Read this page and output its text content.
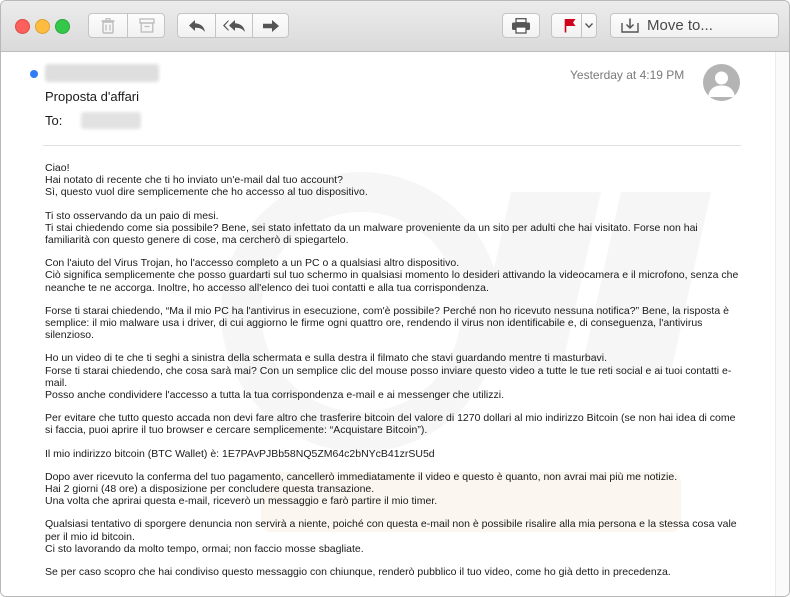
Move to...
Proposta d'affari
To:
Yesterday at 4:19 PM

Ciao!
Hai notato di recente che ti ho inviato un'e-mail dal tuo account?
Sì, questo vuol dire semplicemente che ho accesso al tuo dispositivo.

Ti sto osservando da un paio di mesi.
Ti stai chiedendo come sia possibile? Bene, sei stato infettato da un malware proveniente da un sito per adulti che hai visitato. Forse non hai familiarità con questo genere di cose, ma cercherò di spiegartelo.

Con l'aiuto del Virus Trojan, ho l'accesso completo a un PC o a qualsiasi altro dispositivo.
Ciò significa semplicemente che posso guardarti sul tuo schermo in qualsiasi momento lo desideri attivando la videocamera e il microfono, senza che neanche te ne accorga. Inoltre, ho accesso all'elenco dei tuoi contatti e alla tua corrispondenza.

Forse ti starai chiedendo, “Ma il mio PC ha l'antivirus in esecuzione, com'è possibile? Perché non ho ricevuto nessuna notifica?” Bene, la risposta è semplice: il mio malware usa i driver, di cui aggiorno le firme ogni quattro ore, rendendo il virus non identificabile e, di conseguenza, l'antivirus silenzioso.

Ho un video di te che ti seghi a sinistra della schermata e sulla destra il filmato che stavi guardando mentre ti masturbavi.
Forse ti starai chiedendo, che cosa sarà mai? Con un semplice clic del mouse posso inviare questo video a tutte le tue reti social e ai tuoi contatti e-mail.
Posso anche condividere l'accesso a tutta la tua corrispondenza e-mail e ai messenger che utilizzi.

Per evitare che tutto questo accada non devi fare altro che trasferire bitcoin del valore di 1270 dollari al mio indirizzo Bitcoin (se non hai idea di come si faccia, puoi aprire il tuo browser e cercare semplicemente: “Acquistare Bitcoin”).

Il mio indirizzo bitcoin (BTC Wallet) è: 1E7PAvPJBb58NQ5ZM64c2bNYcB41zrSU5d

Dopo aver ricevuto la conferma del tuo pagamento, cancellerò immediatamente il video e questo è quanto, non avrai mai più me notizie.
Hai 2 giorni (48 ore) a disposizione per concludere questa transazione.
Una volta che aprirai questa e-mail, riceverò un messaggio e farò partire il mio timer.

Qualsiasi tentativo di sporgere denuncia non servirà a niente, poiché con questa e-mail non è possibile risalire alla mia persona e la stessa cosa vale per il mio id bitcoin.
Ci sto lavorando da molto tempo, ormai; non faccio mosse sbagliate.

Se per caso scopro che hai condiviso questo messaggio con chiunque, renderò pubblico il tuo video, come ho già detto in precedenza.
